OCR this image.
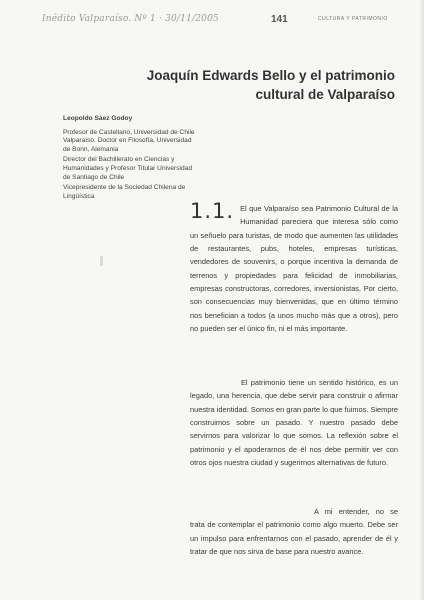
Inédito Valparaíso. Nº 1 · 30/11/2005	141	CULTURA Y PATRIMONIO
Joaquín Edwards Bello y el patrimonio
cultural de Valparaíso
Leopoldo Sáez Godoy
Profesor de Castellano, Universidad de Chile Valparaíso. Doctor en Filosofía, Universidad de Bonn, Alemania
Director del Bachillerato en Ciencias y Humanidades y Profesor Titular Universidad de Santiago de Chile
Vicepresidente de la Sociedad Chilena de Lingüística

1.1. El que Valparaíso sea Patrimonio Cultural de la Humanidad pareciera que interesa sólo como un señuelo para turistas, de modo que aumenten las utilidades de restaurantes, pubs, hoteles, empresas turísticas, vendedores de souvenirs, o porque incentiva la demanda de terrenos y propiedades para felicidad de inmobiliarias, empresas constructoras, corredores, inversionistas. Por cierto, son consecuencias muy bienvenidas, que en último término nos benefician a todos (a unos mucho más que a otros), pero no pueden ser el único fin, ni el más importante.

El patrimonio tiene un sentido histórico, es un legado, una herencia, que debe servir para construir o afirmar nuestra identidad. Somos en gran parte lo que fuimos. Siempre construimos sobre un pasado. Y nuestro pasado debe servirnos para valorizar lo que somos. La reflexión sobre el patrimonio y el apoderarnos de él nos debe permitir ver con otros ojos nuestra ciudad y sugerirnos alternativas de futuro.

A mi entender, no se trata de contemplar el patrimonio como algo muerto. Debe ser un impulso para enfrentarnos con el pasado, aprender de él y tratar de que nos sirva de base para nuestro avance.
